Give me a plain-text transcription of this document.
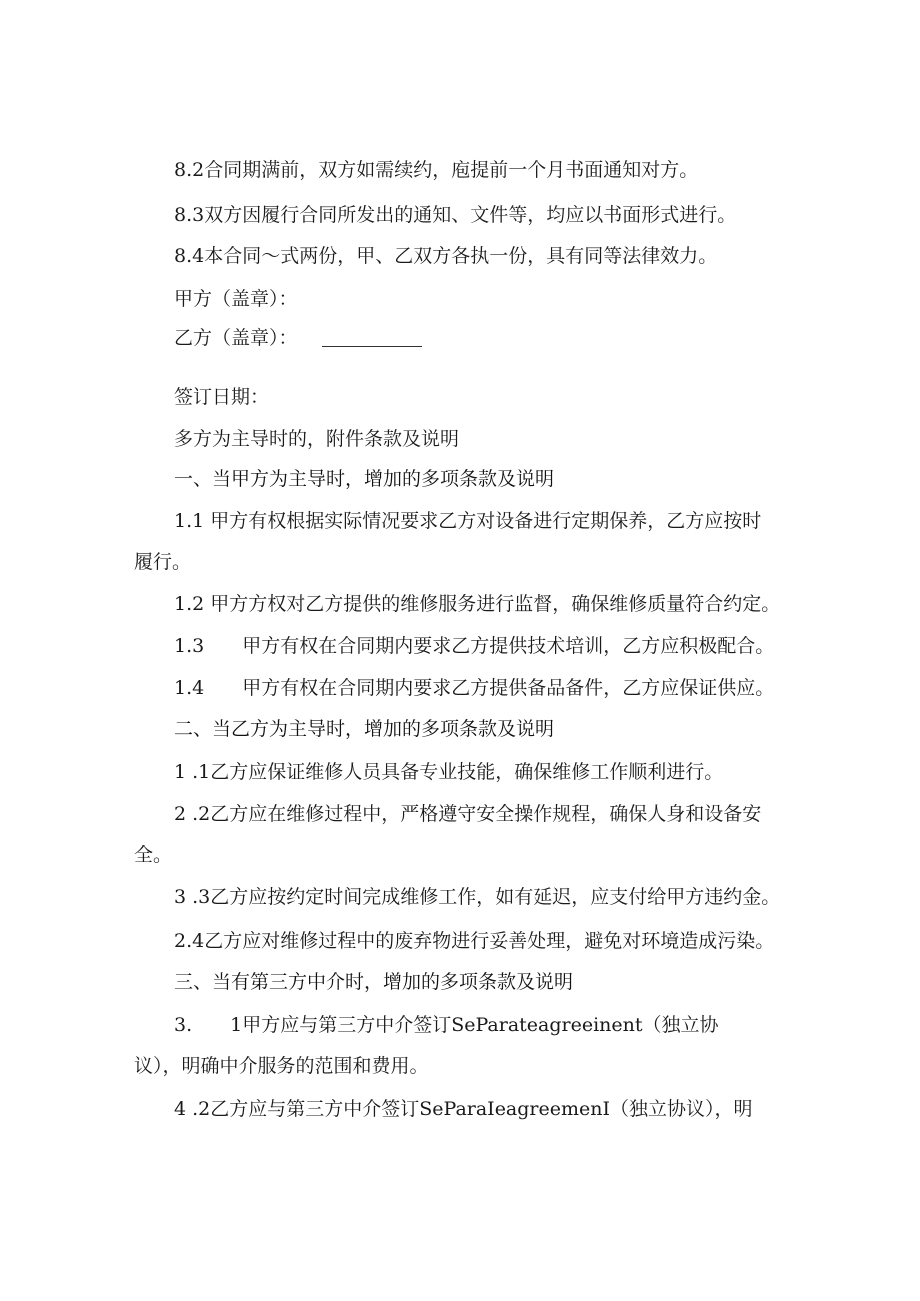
8.2合同期满前，双方如需续约，庖提前一个月书面通知对方。
8.3双方因履行合同所发出的通知、文件等，均应以书面形式进行。
8.4本合同～式两份，甲、乙双方各执一份，具有同等法律效力。
甲方（盖章）：
乙方（盖章）：
签订日期：
多方为主导时的，附件条款及说明
一、当甲方为主导时，增加的多项条款及说明
1.1 甲方有权根据实际情况要求乙方对设备进行定期保养，乙方应按时
履行。
1.2 甲方方权对乙方提供的维修服务进行监督，确保维修质量符合约定。
1.3　　甲方有权在合同期内要求乙方提供技术培训，乙方应积极配合。
1.4　　甲方有权在合同期内要求乙方提供备品备件，乙方应保证供应。
二、当乙方为主导时，增加的多项条款及说明
1 .1乙方应保证维修人员具备专业技能，确保维修工作顺利进行。
2 .2乙方应在维修过程中，严格遵守安全操作规程，确保人身和设备安
全。
3 .3乙方应按约定时间完成维修工作，如有延迟，应支付给甲方违约金。
2.4乙方应对维修过程中的废弃物进行妥善处理，避免对环境造成污染。
三、当有第三方中介时，增加的多项条款及说明
3.　　1甲方应与第三方中介签订SeParateagreeinent（独立协
议），明确中介服务的范围和费用。
4 .2乙方应与第三方中介签订SeParaIeagreemenI（独立协议），明
